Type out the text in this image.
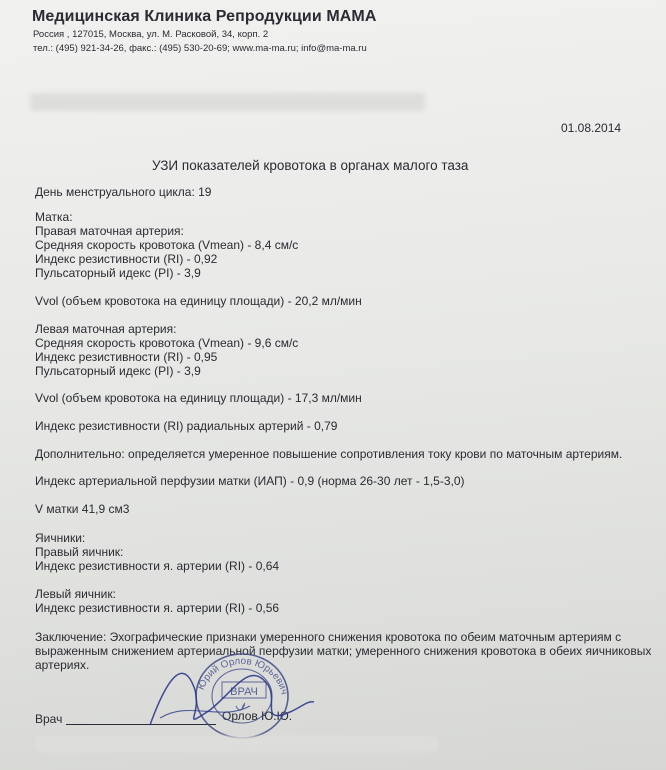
Медицинская Клиника Репродукции МАМА
Россия , 127015, Москва, ул. М. Расковой, 34, корп. 2
тел.: (495) 921-34-26, факс.: (495) 530-20-69; www.ma-ma.ru; info@ma-ma.ru
01.08.2014
УЗИ показателей кровотока в органах малого таза
День менструального цикла: 19
Матка:
Правая маточная артерия:
Средняя скорость кровотока (Vmean) - 8,4 см/с
Индекс резистивности (RI) - 0,92
Пульсаторный идекс (PI) - 3,9
Vvol (объем кровотока на единицу площади) - 20,2 мл/мин
Левая маточная артерия:
Средняя скорость кровотока (Vmean) - 9,6 см/с
Индекс резистивности (RI) - 0,95
Пульсаторный идекс (PI) - 3,9
Vvol (объем кровотока на единицу площади) - 17,3 мл/мин
Индекс резистивности (RI) радиальных артерий - 0,79
Дополнительно: определяется умеренное повышение сопротивления току крови по маточным артериям.
Индекс артериальной перфузии матки (ИАП) - 0,9 (норма 26-30 лет - 1,5-3,0)
V матки 41,9 см3
Яичники:
Правый яичник:
Индекс резистивности я. артерии (RI) - 0,64
Левый яичник:
Индекс резистивности я. артерии (RI) - 0,56
Заключение: Эхографические признаки умеренного снижения кровотока по обеим маточным артериям с
выраженным снижением артериальной перфузии матки; умеренного снижения кровотока в обеих яичниковых
артериях.
Врач	Орлов Ю.Ю.
Юрий Орлов Юрьевич
ВРАЧ
